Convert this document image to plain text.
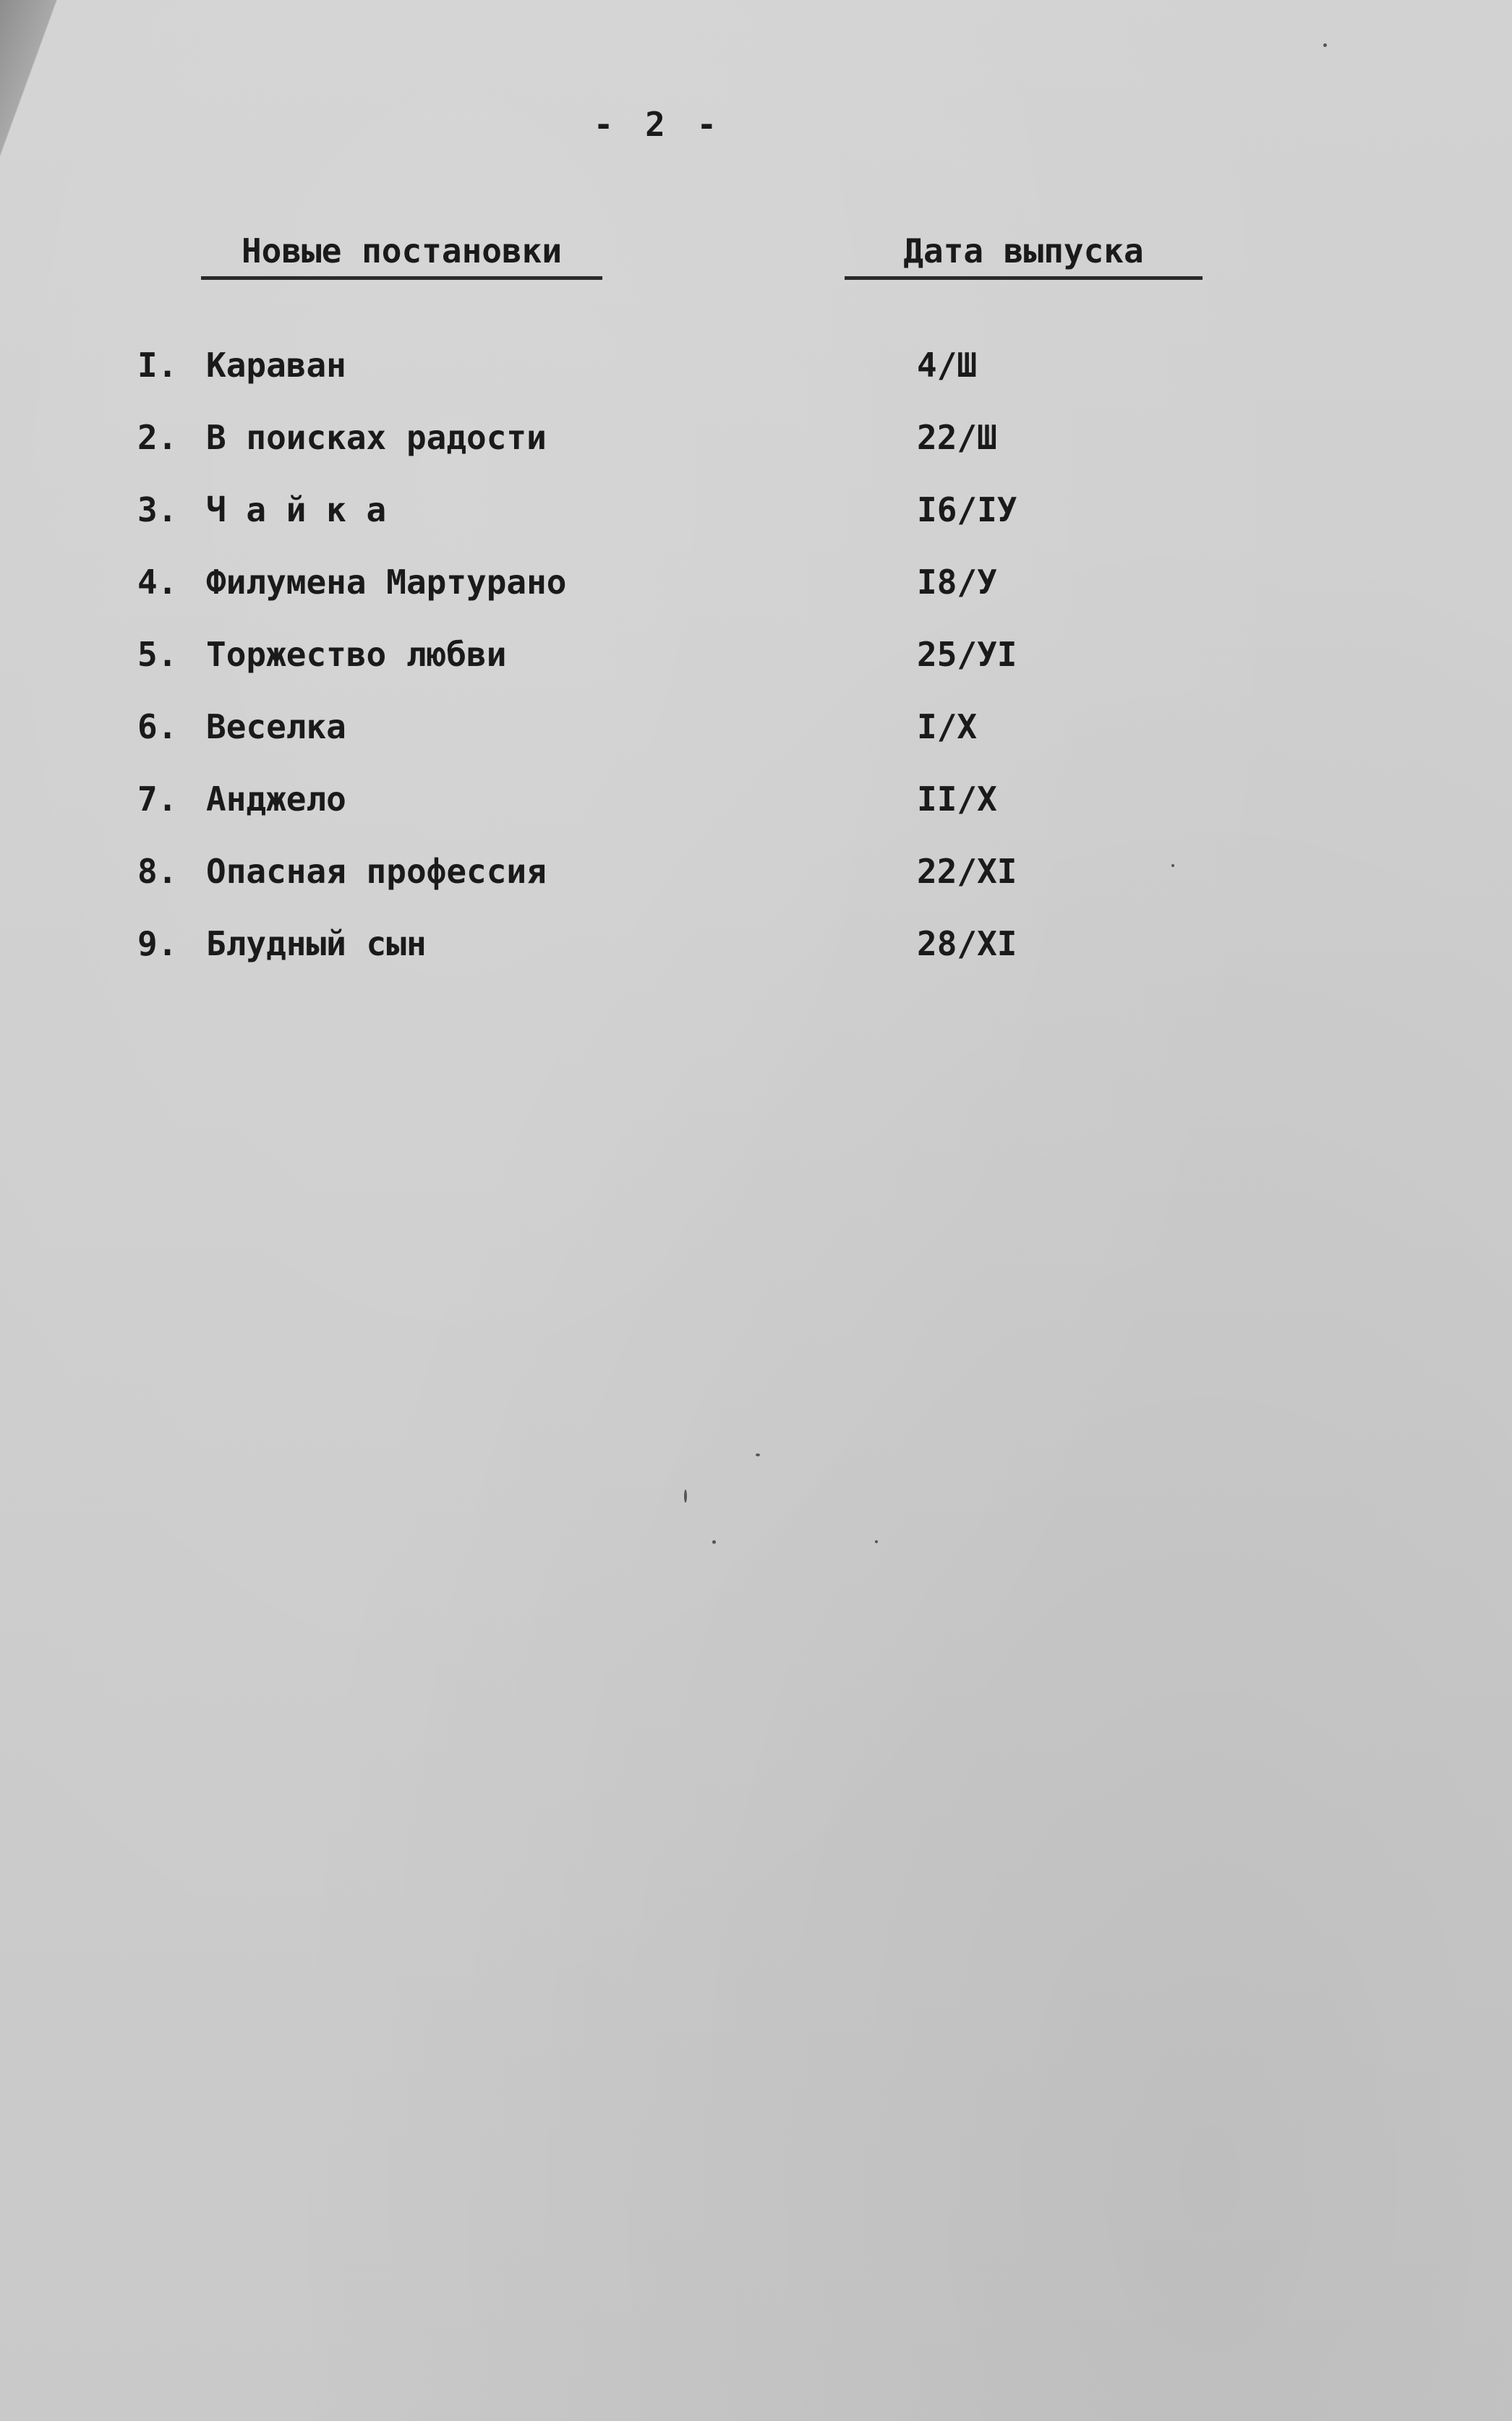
- 2 -
Новые постановки	Дата выпуска
I. Караван	4/Ш
2. В поисках радости	22/Ш
3. Ч а й к а	I6/IУ
4. Филумена Мартурано	I8/У
5. Торжество любви	25/УI
6. Веселка	I/X
7. Анджело	II/X
8. Опасная профессия	22/XI
9. Блудный сын	28/XI
